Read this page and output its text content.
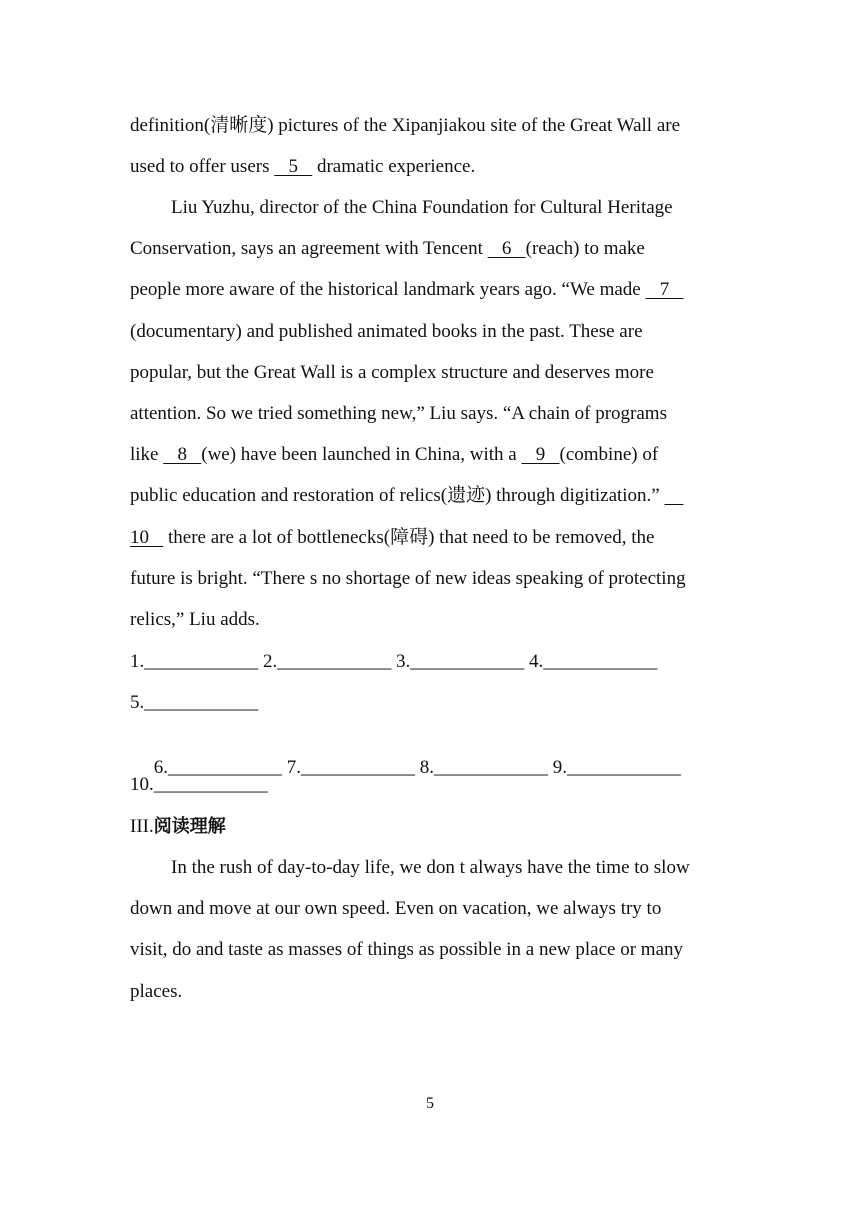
definition(清晰度) pictures of the Xipanjiakou site of the Great Wall are
used to offer users    5    dramatic experience.
Liu Yuzhu, director of the China Foundation for Cultural Heritage
Conservation, says an agreement with Tencent    6   (reach) to make
people more aware of the historical landmark years ago. “We made    7
(documentary) and published animated books in the past. These are
popular, but the Great Wall is a complex structure and deserves more
attention. So we tried something new,” Liu says. “A chain of programs
like    8   (we) have been launched in China, with a    9   (combine) of
public education and restoration of relics(遗迹) through digitization.”
10    there are a lot of bottlenecks(障碍) that need to be removed, the
future is bright. “There s no shortage of new ideas speaking of protecting
relics,” Liu adds.
1.____________ 2.____________ 3.____________ 4.____________
5.____________

6.____________ 7.____________ 8.____________ 9.____________

10.____________
III.阅读理解
In the rush of day-to-day life, we don t always have the time to slow
down and move at our own speed. Even on vacation, we always try to
visit, do and taste as masses of things as possible in a new place or many
places.
5
